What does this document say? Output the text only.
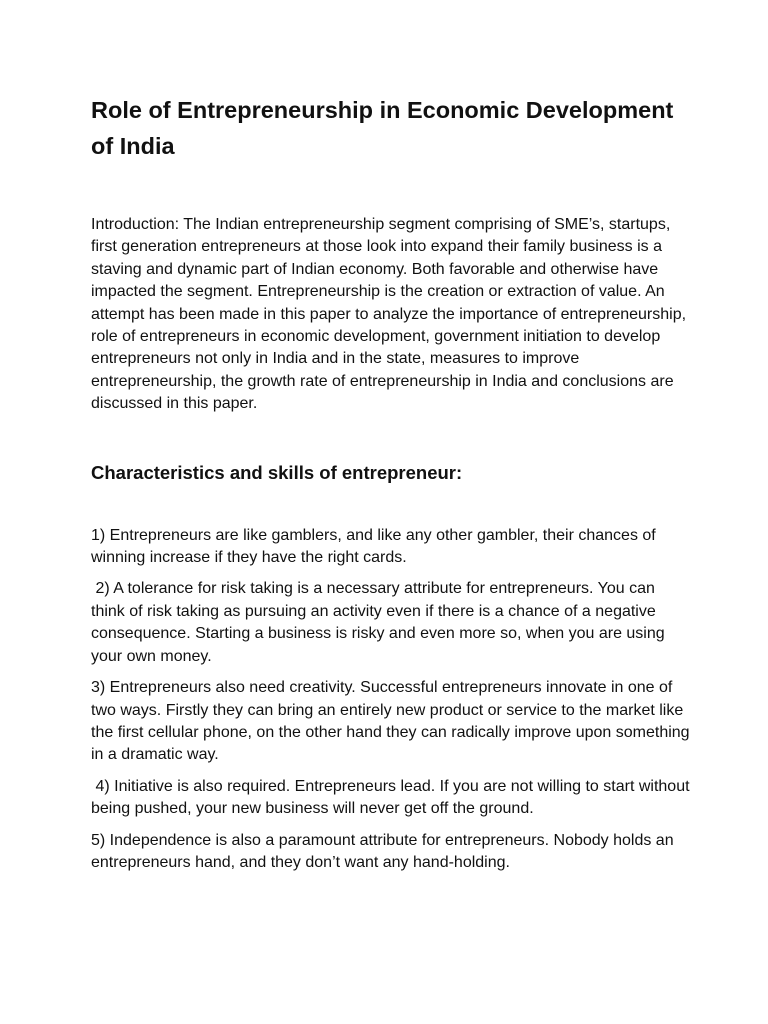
Role of Entrepreneurship in Economic Development of India

Introduction: The Indian entrepreneurship segment comprising of SME’s, startups, first generation entrepreneurs at those look into expand their family business is a staving and dynamic part of Indian economy. Both favorable and otherwise have impacted the segment. Entrepreneurship is the creation or extraction of value. An attempt has been made in this paper to analyze the importance of entrepreneurship, role of entrepreneurs in economic development, government initiation to develop entrepreneurs not only in India and in the state, measures to improve entrepreneurship, the growth rate of entrepreneurship in India and conclusions are discussed in this paper.

Characteristics and skills of entrepreneur:

1) Entrepreneurs are like gamblers, and like any other gambler, their chances of winning increase if they have the right cards.

2) A tolerance for risk taking is a necessary attribute for entrepreneurs. You can think of risk taking as pursuing an activity even if there is a chance of a negative consequence. Starting a business is risky and even more so, when you are using your own money.

3) Entrepreneurs also need creativity. Successful entrepreneurs innovate in one of two ways. Firstly they can bring an entirely new product or service to the market like the first cellular phone, on the other hand they can radically improve upon something in a dramatic way.

4) Initiative is also required. Entrepreneurs lead. If you are not willing to start without being pushed, your new business will never get off the ground.

5) Independence is also a paramount attribute for entrepreneurs. Nobody holds an entrepreneurs hand, and they don’t want any hand-holding.
